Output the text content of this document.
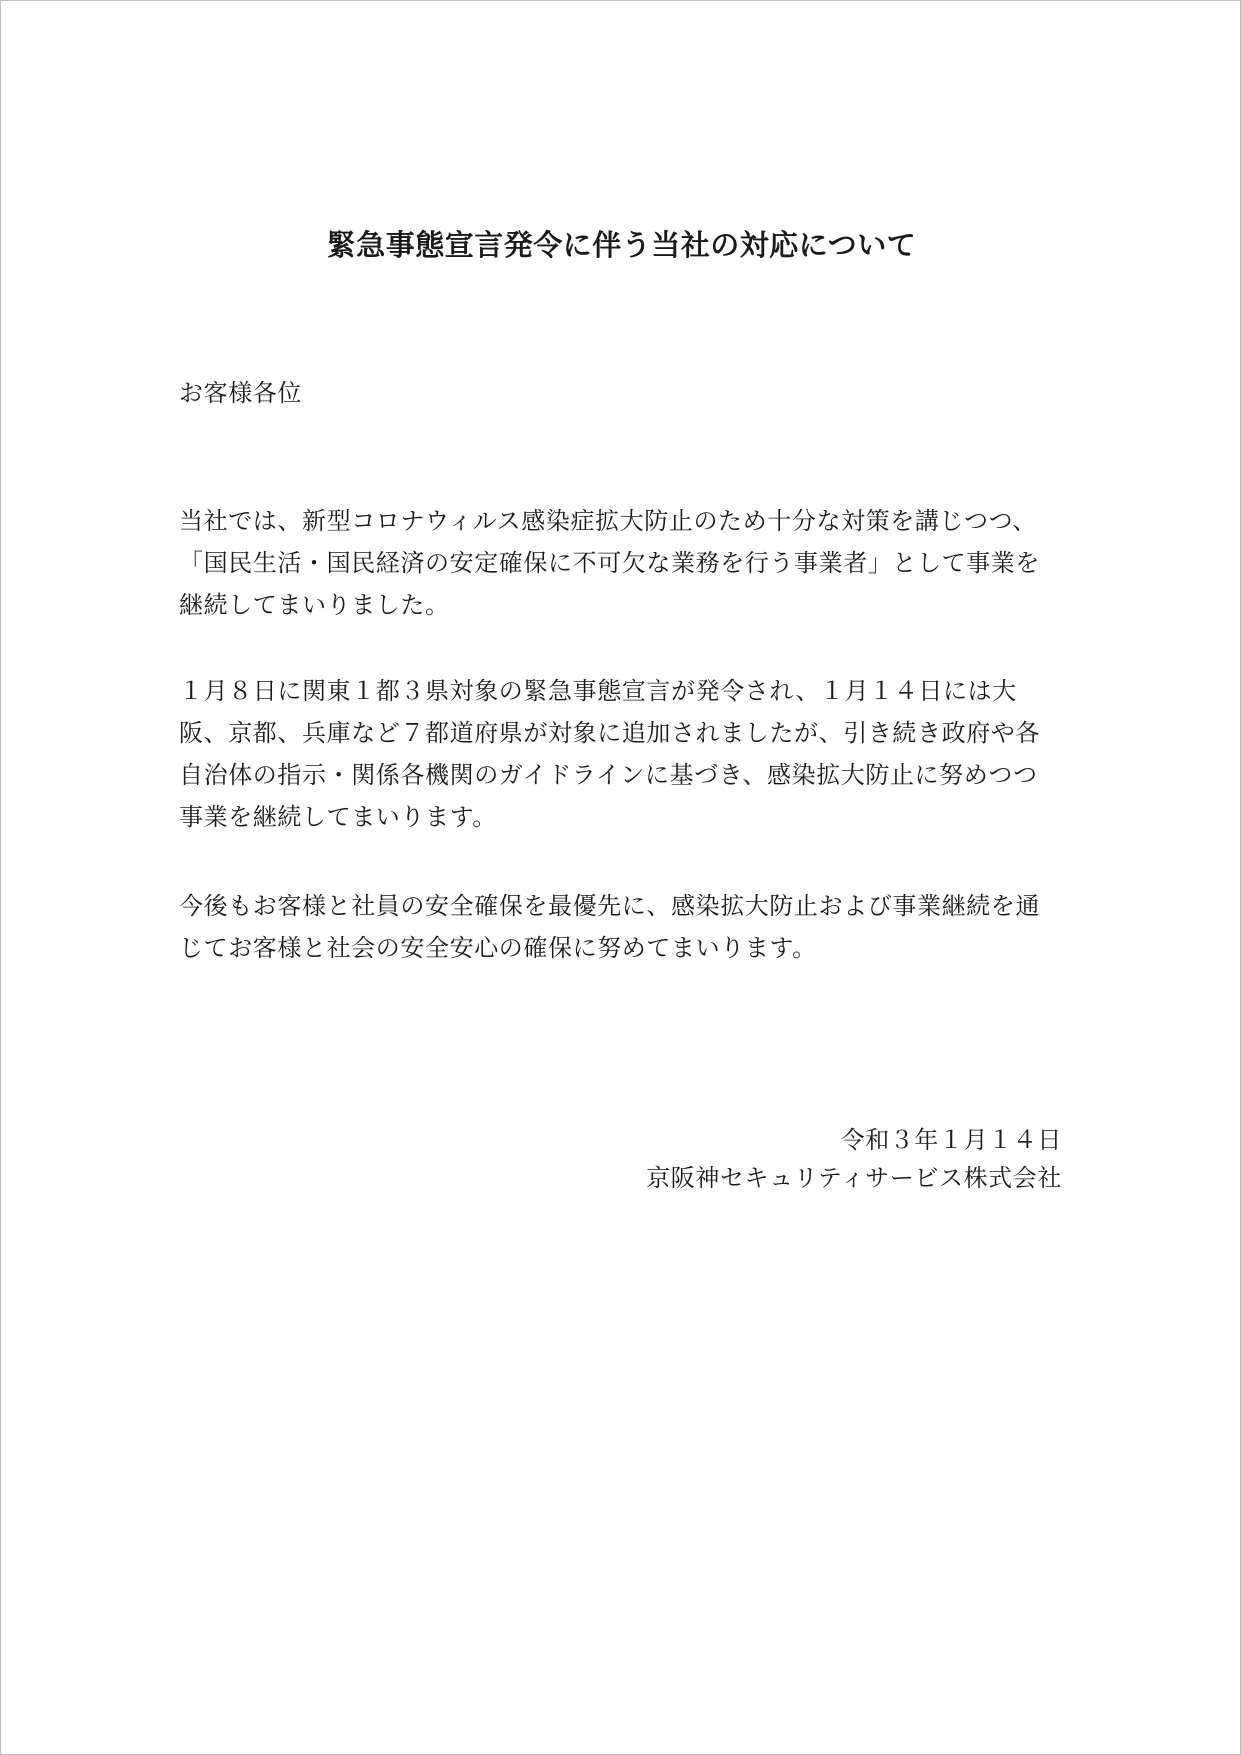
緊急事態宣言発令に伴う当社の対応について
お客様各位
当社では、新型コロナウィルス感染症拡大防止のため十分な対策を講じつつ、
「国民生活・国民経済の安定確保に不可欠な業務を行う事業者」として事業を
継続してまいりました。
１月８日に関東１都３県対象の緊急事態宣言が発令され、１月１４日には大
阪、京都、兵庫など７都道府県が対象に追加されましたが、引き続き政府や各
自治体の指示・関係各機関のガイドラインに基づき、感染拡大防止に努めつつ
事業を継続してまいります。
今後もお客様と社員の安全確保を最優先に、感染拡大防止および事業継続を通
じてお客様と社会の安全安心の確保に努めてまいります。
令和３年１月１４日
京阪神セキュリティサービス株式会社
